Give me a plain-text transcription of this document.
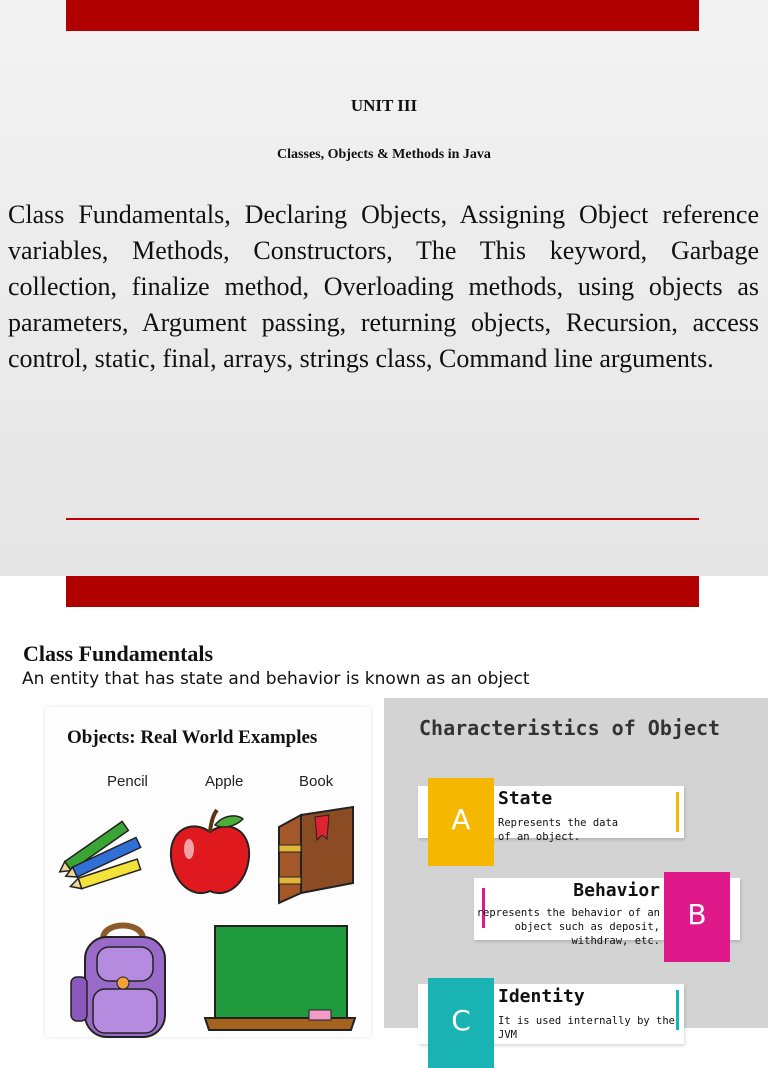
UNIT III
Classes, Objects & Methods in Java

Class Fundamentals, Declaring Objects, Assigning Object reference variables, Methods, Constructors, The This keyword, Garbage collection, finalize method, Overloading methods, using objects as parameters, Argument passing, returning objects, Recursion, access control, static, final, arrays, strings class, Command line arguments.

Class Fundamentals
An entity that has state and behavior is known as an object
Objects: Real World Examples
Pencil	Apple	Book
Characteristics of Object
A
State
Represents the data
of an object.
Behavior
represents the behavior of an
object such as deposit,
withdraw, etc.
B
C
Identity
It is used internally by the JVM
